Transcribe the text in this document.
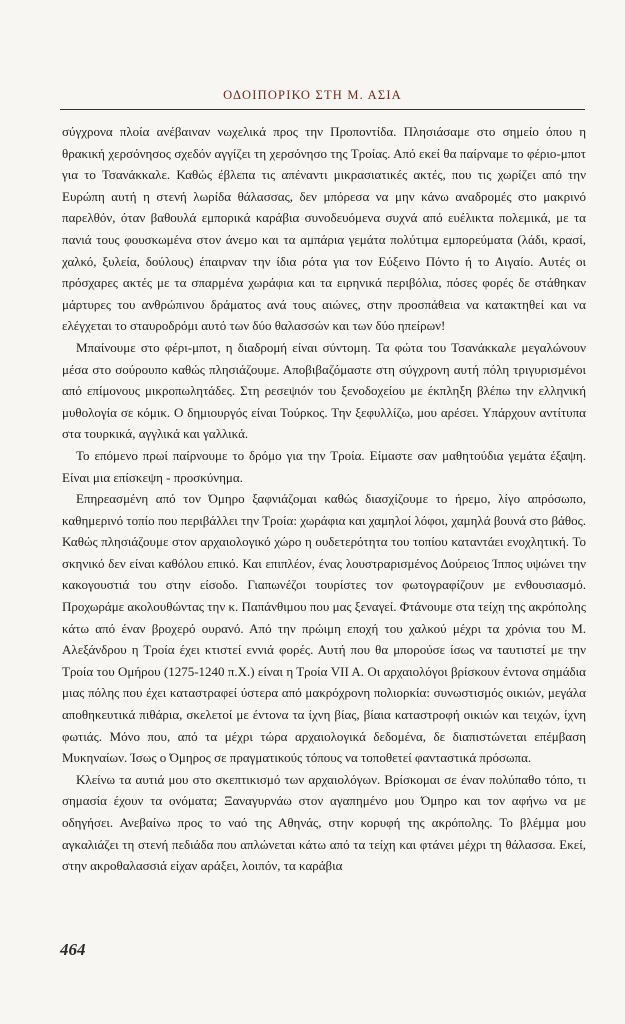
ΟΔΟΙΠΟΡΙΚΟ ΣΤΗ Μ. ΑΣΙΑ

σύγχρονα πλοία ανέβαιναν νωχελικά προς την Προποντίδα. Πλησιάσαμε στο σημείο όπου η θρακική χερσόνησος σχεδόν αγγίζει τη χερσόνησο της Τροίας. Από εκεί θα παίρναμε το φέριο-μποτ για το Τσανάκκαλε. Καθώς έβλεπα τις απέναντι μικρασιατικές ακτές, που τις χωρίζει από την Ευρώπη αυτή η στενή λωρίδα θάλασσας, δεν μπόρεσα να μην κάνω αναδρομές στο μακρινό παρελθόν, όταν βαθουλά εμπορικά καράβια συνοδευόμενα συχνά από ευέλικτα πολεμικά, με τα πανιά τους φουσκωμένα στον άνεμο και τα αμπάρια γεμάτα πολύτιμα εμπορεύματα (λάδι, κρασί, χαλκό, ξυλεία, δούλους) έπαιρναν την ίδια ρότα για τον Εύξεινο Πόντο ή το Αιγαίο. Αυτές οι πρόσχαρες ακτές με τα σπαρμένα χωράφια και τα ειρηνικά περιβόλια, πόσες φορές δε στάθηκαν μάρτυρες του ανθρώπινου δράματος ανά τους αιώνες, στην προσπάθεια να κατακτηθεί και να ελέγχεται το σταυροδρόμι αυτό των δύο θαλασσών και των δύο ηπείρων!

Μπαίνουμε στο φέρι-μποτ, η διαδρομή είναι σύντομη. Τα φώτα του Τσανάκκαλε μεγαλώνουν μέσα στο σούρουπο καθώς πλησιάζουμε. Αποβιβαζόμαστε στη σύγχρονη αυτή πόλη τριγυρισμένοι από επίμονους μικροπωλητάδες. Στη ρεσεψιόν του ξενοδοχείου με έκπληξη βλέπω την ελληνική μυθολογία σε κόμικ. Ο δημιουργός είναι Τούρκος. Την ξεφυλλίζω, μου αρέσει. Υπάρχουν αντίτυπα στα τουρκικά, αγγλικά και γαλλικά.

Το επόμενο πρωί παίρνουμε το δρόμο για την Τροία. Είμαστε σαν μαθητούδια γεμάτα έξαψη. Είναι μια επίσκεψη - προσκύνημα.

Επηρεασμένη από τον Όμηρο ξαφνιάζομαι καθώς διασχίζουμε το ήρεμο, λίγο απρόσωπο, καθημερινό τοπίο που περιβάλλει την Τροία: χωράφια και χαμηλοί λόφοι, χαμηλά βουνά στο βάθος. Καθώς πλησιάζουμε στον αρχαιολογικό χώρο η ουδετερότητα του τοπίου καταντάει ενοχλητική. Το σκηνικό δεν είναι καθόλου επικό. Και επιπλέον, ένας λουστραρισμένος Δούρειος Ίππος υψώνει την κακογουστιά του στην είσοδο. Γιαπωνέζοι τουρίστες τον φωτογραφίζουν με ενθουσιασμό. Προχωράμε ακολουθώντας την κ. Παπάνθιμου που μας ξεναγεί. Φτάνουμε στα τείχη της ακρόπολης κάτω από έναν βροχερό ουρανό. Από την πρώιμη εποχή του χαλκού μέχρι τα χρόνια του Μ. Αλεξάνδρου η Τροία έχει κτιστεί εννιά φορές. Αυτή που θα μπορούσε ίσως να ταυτιστεί με την Τροία του Ομήρου (1275-1240 π.Χ.) είναι η Τροία VII A. Οι αρχαιολόγοι βρίσκουν έντονα σημάδια μιας πόλης που έχει καταστραφεί ύστερα από μακρόχρονη πολιορκία: συνωστισμός οικιών, μεγάλα αποθηκευτικά πιθάρια, σκελετοί με έντονα τα ίχνη βίας, βίαια καταστροφή οικιών και τειχών, ίχνη φωτιάς. Μόνο που, από τα μέχρι τώρα αρχαιολογικά δεδομένα, δε διαπιστώνεται επέμβαση Μυκηναίων. Ίσως ο Όμηρος σε πραγματικούς τόπους να τοποθετεί φανταστικά πρόσωπα.

Κλείνω τα αυτιά μου στο σκεπτικισμό των αρχαιολόγων. Βρίσκομαι σε έναν πολύπαθο τόπο, τι σημασία έχουν τα ονόματα; Ξαναγυρνάω στον αγαπημένο μου Όμηρο και τον αφήνω να με οδηγήσει. Ανεβαίνω προς το ναό της Αθηνάς, στην κορυφή της ακρόπολης. Το βλέμμα μου αγκαλιάζει τη στενή πεδιάδα που απλώνεται κάτω από τα τείχη και φτάνει μέχρι τη θάλασσα. Εκεί, στην ακροθαλασσιά είχαν αράξει, λοιπόν, τα καράβια

464
